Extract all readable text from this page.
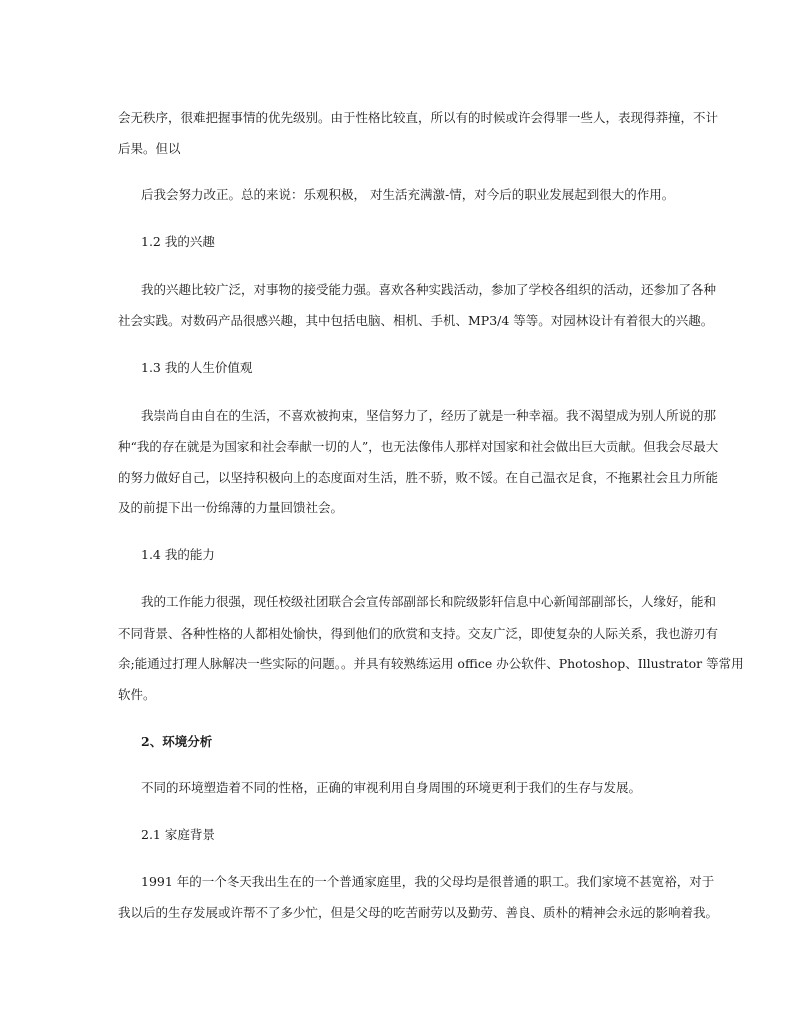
会无秩序，很难把握事情的优先级别。由于性格比较直，所以有的时候或许会得罪一些人，表现得莽撞，不计
后果。但以
后我会努力改正。总的来说：乐观积极， 对生活充满激-情，对今后的职业发展起到很大的作用。
1.2 我的兴趣
我的兴趣比较广泛，对事物的接受能力强。喜欢各种实践活动，参加了学校各组织的活动，还参加了各种
社会实践。对数码产品很感兴趣，其中包括电脑、相机、手机、MP3/4 等等。对园林设计有着很大的兴趣。
1.3 我的人生价值观
我崇尚自由自在的生活，不喜欢被拘束，坚信努力了，经历了就是一种幸福。我不渴望成为别人所说的那
种“我的存在就是为国家和社会奉献一切的人”，也无法像伟人那样对国家和社会做出巨大贡献。但我会尽最大
的努力做好自己，以坚持积极向上的态度面对生活，胜不骄，败不馁。在自己温衣足食，不拖累社会且力所能
及的前提下出一份绵薄的力量回馈社会。
1.4 我的能力
我的工作能力很强，现任校级社团联合会宣传部副部长和院级影轩信息中心新闻部副部长，人缘好，能和
不同背景、各种性格的人都相处愉快，得到他们的欣赏和支持。交友广泛，即使复杂的人际关系，我也游刃有
余;能通过打理人脉解决一些实际的问题。。并具有较熟练运用 office 办公软件、Photoshop、Illustrator 等常用
软件。
2、环境分析
不同的环境塑造着不同的性格，正确的审视利用自身周围的环境更利于我们的生存与发展。
2.1 家庭背景
1991 年的一个冬天我出生在的一个普通家庭里，我的父母均是很普通的职工。我们家境不甚宽裕，对于
我以后的生存发展或许帮不了多少忙，但是父母的吃苦耐劳以及勤劳、善良、质朴的精神会永远的影响着我。
